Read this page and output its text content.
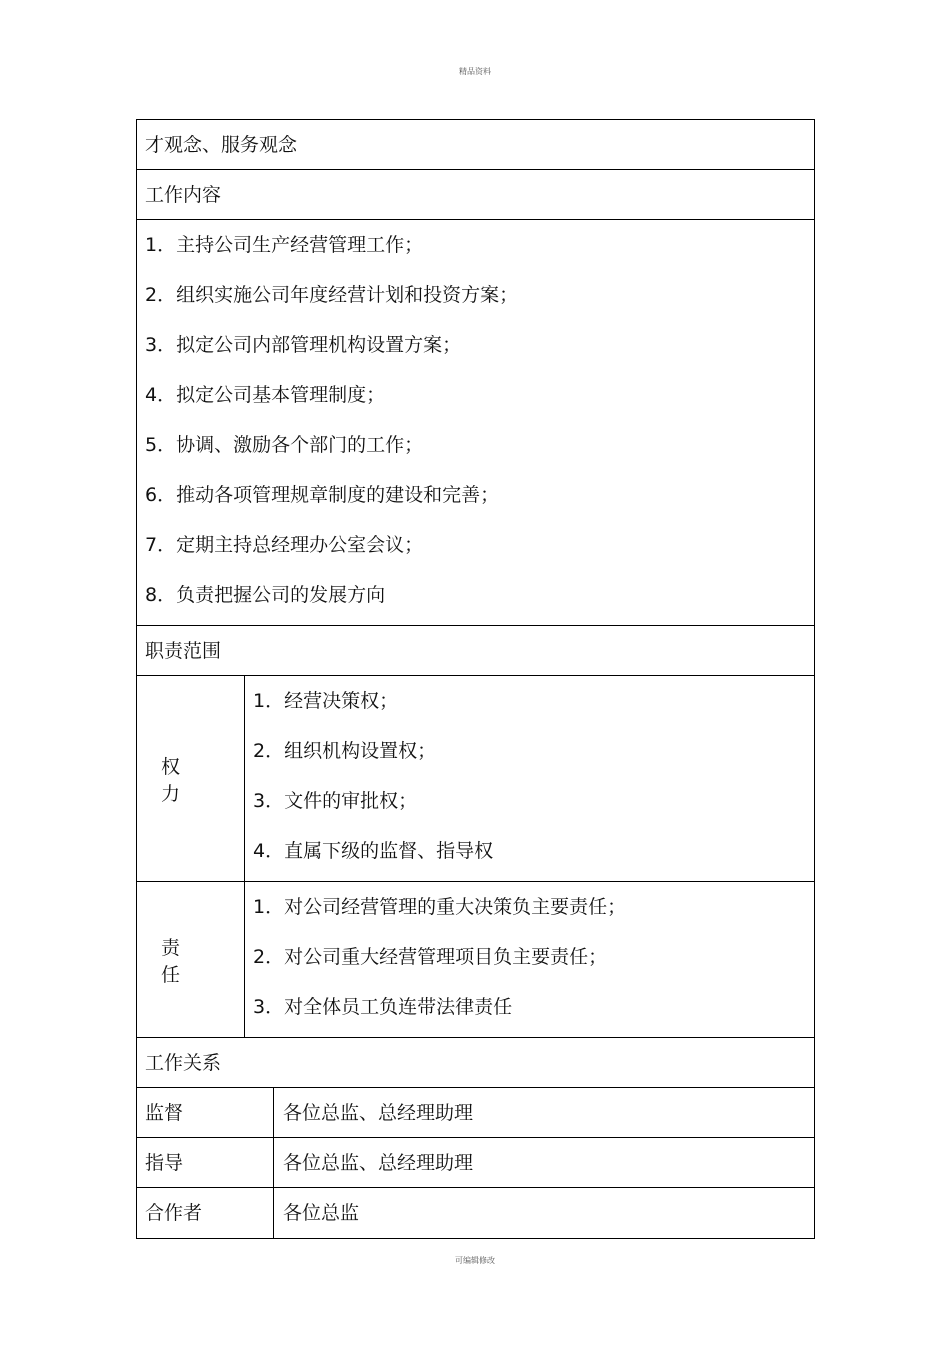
精品资料
才观念、服务观念
工作内容
1．主持公司生产经营管理工作；
2．组织实施公司年度经营计划和投资方案；
3．拟定公司内部管理机构设置方案；
4．拟定公司基本管理制度；
5．协调、激励各个部门的工作；
6．推动各项管理规章制度的建设和完善；
7．定期主持总经理办公室会议；
8．负责把握公司的发展方向
职责范围
权力
1．经营决策权；
2．组织机构设置权；
3．文件的审批权；
4．直属下级的监督、指导权
责任
1．对公司经营管理的重大决策负主要责任；
2．对公司重大经营管理项目负主要责任；
3．对全体员工负连带法律责任
工作关系
监督	各位总监、总经理助理
指导	各位总监、总经理助理
合作者	各位总监
可编辑修改
